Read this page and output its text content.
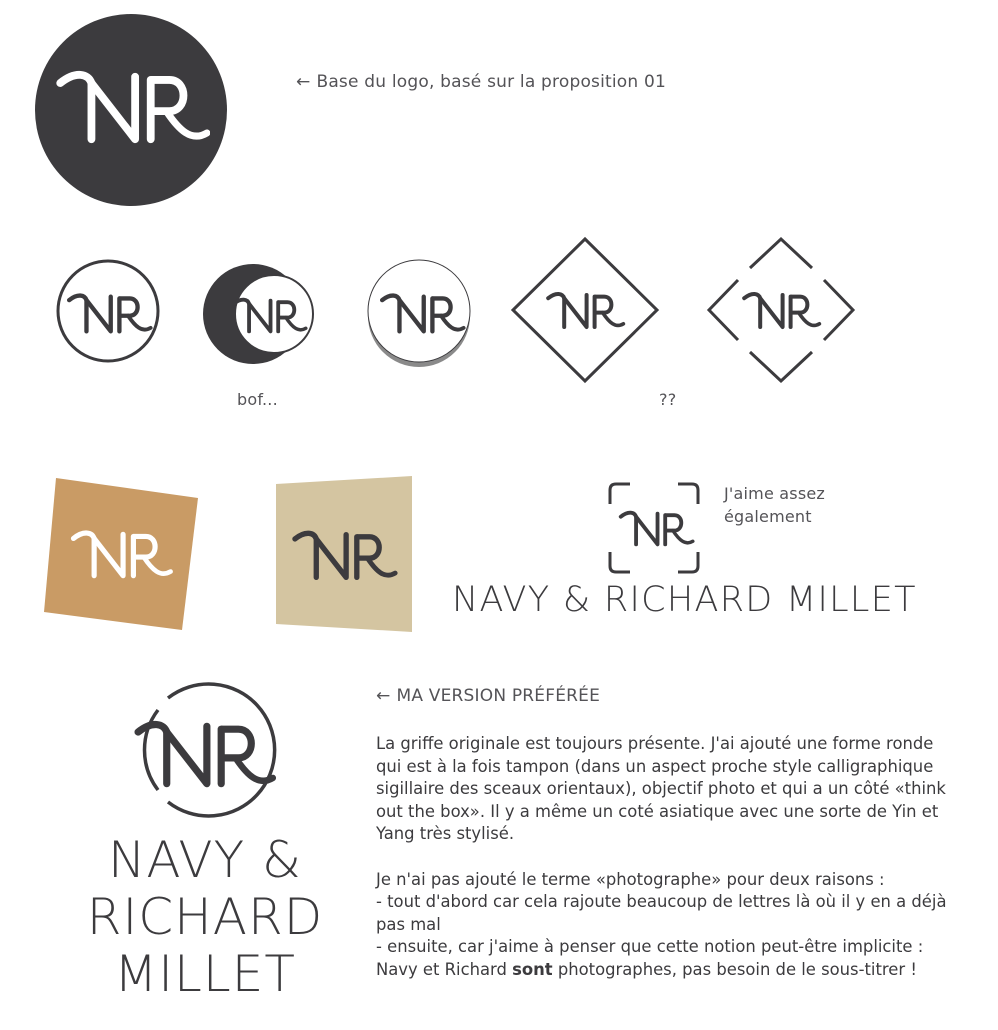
← Base du logo, basé sur la proposition 01
bof...	??
J'aime assez
également
NAVY & RICHARD MILLET
NAVY &
RICHARD
MILLET
← MA VERSION PRÉFÉRÉE

La griffe originale est toujours présente. J'ai ajouté une forme ronde qui est à la fois tampon (dans un aspect proche style calligraphique sigillaire des sceaux orientaux), objectif photo et qui a un côté «think out the box». Il y a même un coté asiatique avec une sorte de Yin et Yang très stylisé.

Je n'ai pas ajouté le terme «photographe» pour deux raisons :

- tout d'abord car cela rajoute beaucoup de lettres là où il y en a déjà pas mal

- ensuite, car j'aime à penser que cette notion peut-être implicite :

Navy et Richard sont photographes, pas besoin de le sous-titrer !
